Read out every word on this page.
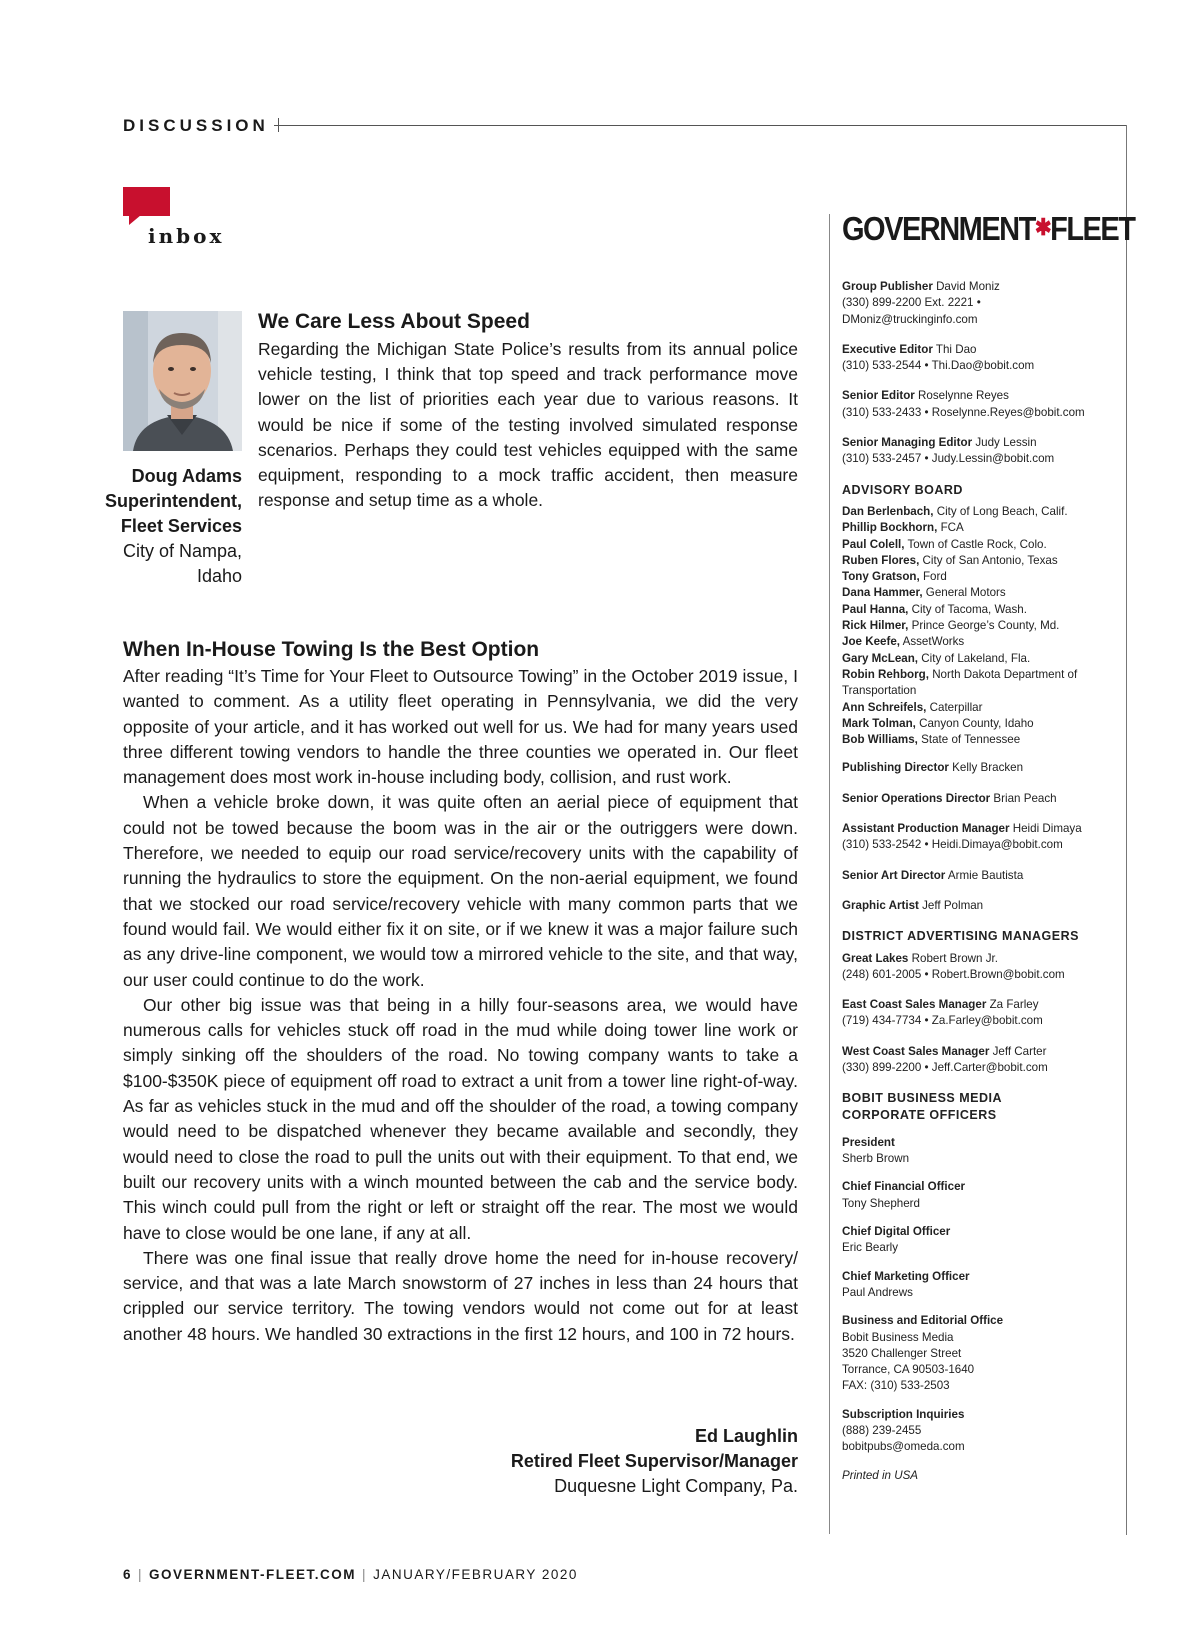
DISCUSSION
inbox
Doug Adams
Superintendent,
Fleet Services
City of Nampa,
Idaho
We Care Less About Speed
Regarding the Michigan State Police’s results from its annual police vehicle testing, I think that top speed and track performance move lower on the list of priorities each year due to various reasons. It would be nice if some of the testing involved simulated response scenarios. Perhaps they could test vehicles equipped with the same equipment, responding to a mock traffic accident, then measure response and setup time as a whole.
When In-House Towing Is the Best Option

After reading “It’s Time for Your Fleet to Outsource Towing” in the October 2019 issue, I wanted to comment. As a utility fleet operating in Pennsylvania, we did the very opposite of your article, and it has worked out well for us. We had for many years used three different towing vendors to handle the three counties we operated in. Our fleet management does most work in-house including body, collision, and rust work.

When a vehicle broke down, it was quite often an aerial piece of equipment that could not be towed because the boom was in the air or the outriggers were down. Therefore, we needed to equip our road service/recovery units with the capability of running the hydraulics to store the equipment. On the non-aerial equipment, we found that we stocked our road service/recovery vehicle with many common parts that we found would fail. We would either fix it on site, or if we knew it was a major failure such as any drive-line component, we would tow a mirrored vehicle to the site, and that way, our user could continue to do the work.

Our other big issue was that being in a hilly four-seasons area, we would have numerous calls for vehicles stuck off road in the mud while doing tower line work or simply sinking off the shoulders of the road. No towing company wants to take a $100-$350K piece of equipment off road to extract a unit from a tower line right-of-way. As far as vehicles stuck in the mud and off the shoulder of the road, a towing company would need to be dispatched whenever they became available and secondly, they would need to close the road to pull the units out with their equipment. To that end, we built our recovery units with a winch mounted between the cab and the service body. This winch could pull from the right or left or straight off the rear. The most we would have to close would be one lane, if any at all.

There was one final issue that really drove home the need for in-house recovery/ service, and that was a late March snowstorm of 27 inches in less than 24 hours that crippled our service territory. The towing vendors would not come out for at least another 48 hours. We handled 30 extractions in the first 12 hours, and 100 in 72 hours.

Ed Laughlin
Retired Fleet Supervisor/Manager
Duquesne Light Company, Pa.
6 | GOVERNMENT-FLEET.COM | JANUARY/FEBRUARY 2020
GOVERNMENT✱FLEET
Group Publisher David Moniz
(330) 899-2200 Ext. 2221 •
DMoniz@truckinginfo.com
Executive Editor Thi Dao
(310) 533-2544 • Thi.Dao@bobit.com
Senior Editor Roselynne Reyes
(310) 533-2433 • Roselynne.Reyes@bobit.com
Senior Managing Editor Judy Lessin
(310) 533-2457 • Judy.Lessin@bobit.com
ADVISORY BOARD
Dan Berlenbach, City of Long Beach, Calif.
Phillip Bockhorn, FCA
Paul Colell, Town of Castle Rock, Colo.
Ruben Flores, City of San Antonio, Texas
Tony Gratson, Ford
Dana Hammer, General Motors
Paul Hanna, City of Tacoma, Wash.
Rick Hilmer, Prince George’s County, Md.
Joe Keefe, AssetWorks
Gary McLean, City of Lakeland, Fla.
Robin Rehborg, North Dakota Department of Transportation
Ann Schreifels, Caterpillar
Mark Tolman, Canyon County, Idaho
Bob Williams, State of Tennessee
Publishing Director Kelly Bracken
Senior Operations Director Brian Peach
Assistant Production Manager Heidi Dimaya
(310) 533-2542 • Heidi.Dimaya@bobit.com
Senior Art Director Armie Bautista
Graphic Artist Jeff Polman
DISTRICT ADVERTISING MANAGERS
Great Lakes Robert Brown Jr.
(248) 601-2005 • Robert.Brown@bobit.com
East Coast Sales Manager Za Farley
(719) 434-7734 • Za.Farley@bobit.com
West Coast Sales Manager Jeff Carter
(330) 899-2200 • Jeff.Carter@bobit.com
BOBIT BUSINESS MEDIA
CORPORATE OFFICERS
President
Sherb Brown
Chief Financial Officer
Tony Shepherd
Chief Digital Officer
Eric Bearly
Chief Marketing Officer
Paul Andrews
Business and Editorial Office
Bobit Business Media
3520 Challenger Street
Torrance, CA 90503-1640
FAX: (310) 533-2503
Subscription Inquiries
(888) 239-2455
bobitpubs@omeda.com
Printed in USA
